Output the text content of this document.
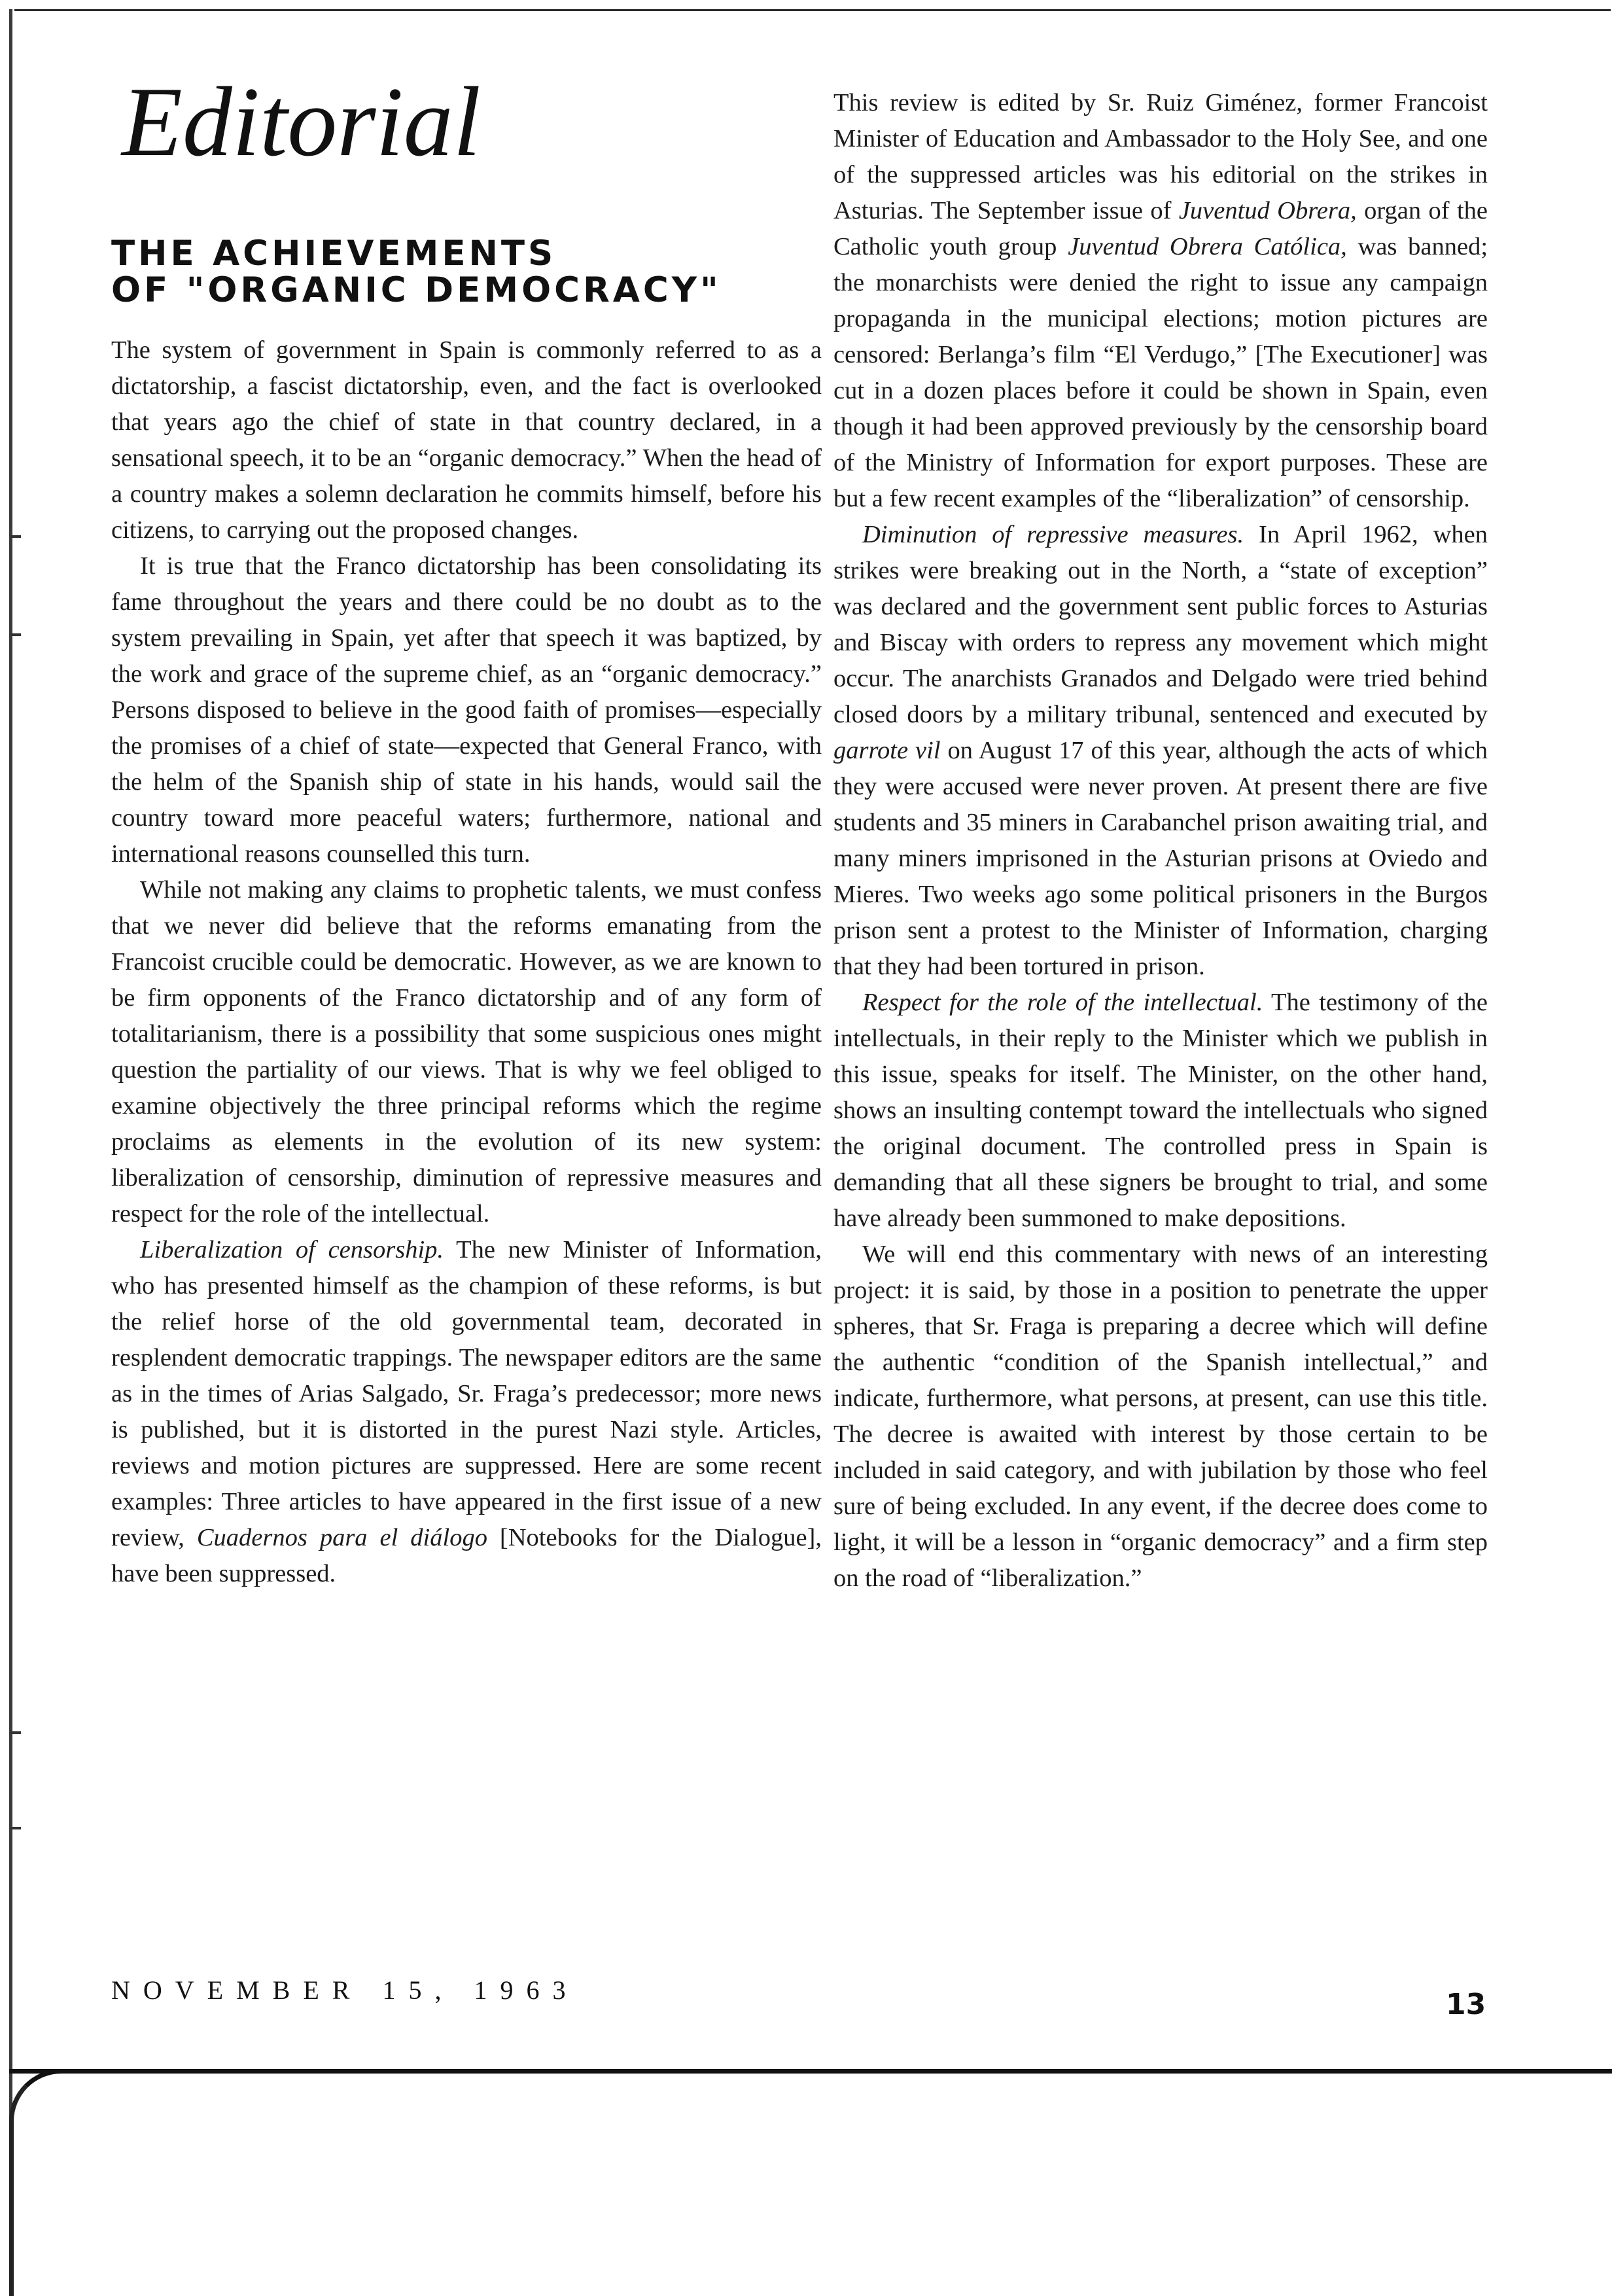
Editorial
THE ACHIEVEMENTS
OF "ORGANIC DEMOCRACY"

The system of government in Spain is commonly referred to as a dictatorship, a fascist dictatorship, even, and the fact is overlooked that years ago the chief of state in that country declared, in a sensational speech, it to be an “organic democracy.” When the head of a country makes a solemn declaration he commits himself, before his citizens, to carrying out the proposed changes.

It is true that the Franco dictatorship has been consolidating its fame throughout the years and there could be no doubt as to the system prevailing in Spain, yet after that speech it was baptized, by the work and grace of the supreme chief, as an “organic democracy.” Persons disposed to believe in the good faith of promises—especially the promises of a chief of state—expected that General Franco, with the helm of the Spanish ship of state in his hands, would sail the country toward more peaceful waters; furthermore, national and international reasons counselled this turn.

While not making any claims to prophetic talents, we must confess that we never did believe that the reforms emanating from the Francoist crucible could be democratic. However, as we are known to be firm opponents of the Franco dictatorship and of any form of totalitarianism, there is a possibility that some suspicious ones might question the partiality of our views. That is why we feel obliged to examine objectively the three principal reforms which the regime proclaims as elements in the evolution of its new system: liberalization of censorship, diminution of repressive measures and respect for the role of the intellectual.

Liberalization of censorship. The new Minister of Information, who has presented himself as the champion of these reforms, is but the relief horse of the old governmental team, decorated in resplendent democratic trappings. The newspaper editors are the same as in the times of Arias Salgado, Sr. Fraga’s predecessor; more news is published, but it is distorted in the purest Nazi style. Articles, reviews and motion pictures are suppressed. Here are some recent examples: Three articles to have appeared in the first issue of a new review, Cuadernos para el diálogo [Notebooks for the Dialogue], have been suppressed.

This review is edited by Sr. Ruiz Giménez, former Francoist Minister of Education and Ambassador to the Holy See, and one of the suppressed articles was his editorial on the strikes in Asturias. The September issue of Juventud Obrera, organ of the Catholic youth group Juventud Obrera Católica, was banned; the monarchists were denied the right to issue any campaign propaganda in the municipal elections; motion pictures are censored: Berlanga’s film “El Verdugo,” [The Executioner] was cut in a dozen places before it could be shown in Spain, even though it had been approved previously by the censorship board of the Ministry of Information for export purposes. These are but a few recent examples of the “liberalization” of censorship.

Diminution of repressive measures. In April 1962, when strikes were breaking out in the North, a “state of exception” was declared and the government sent public forces to Asturias and Biscay with orders to repress any movement which might occur. The anarchists Granados and Delgado were tried behind closed doors by a military tribunal, sentenced and executed by garrote vil on August 17 of this year, although the acts of which they were accused were never proven. At present there are five students and 35 miners in Carabanchel prison awaiting trial, and many miners imprisoned in the Asturian prisons at Oviedo and Mieres. Two weeks ago some political prisoners in the Burgos prison sent a protest to the Minister of Information, charging that they had been tortured in prison.

Respect for the role of the intellectual. The testimony of the intellectuals, in their reply to the Minister which we publish in this issue, speaks for itself. The Minister, on the other hand, shows an insulting contempt toward the intellectuals who signed the original document. The controlled press in Spain is demanding that all these signers be brought to trial, and some have already been summoned to make depositions.

We will end this commentary with news of an interesting project: it is said, by those in a position to penetrate the upper spheres, that Sr. Fraga is preparing a decree which will define the authentic “condition of the Spanish intellectual,” and indicate, furthermore, what persons, at present, can use this title. The decree is awaited with interest by those certain to be included in said category, and with jubilation by those who feel sure of being excluded. In any event, if the decree does come to light, it will be a lesson in “organic democracy” and a firm step on the road of “liberalization.”

NOVEMBER 15, 1963	13
